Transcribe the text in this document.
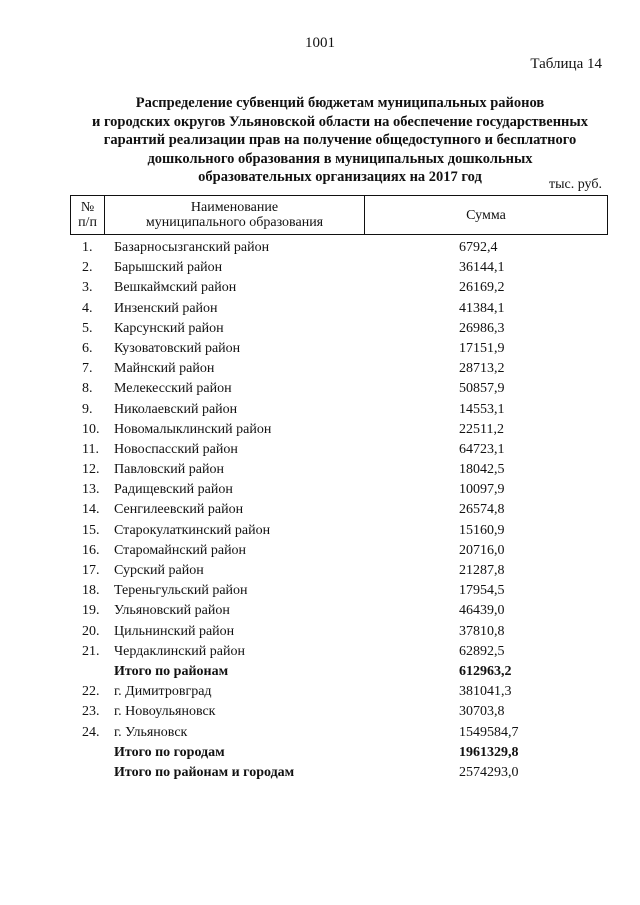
1001
Таблица 14
Распределение субвенций бюджетам муниципальных районов
и городских округов Ульяновской области на обеспечение государственных
гарантий реализации прав на получение общедоступного и бесплатного
дошкольного образования в муниципальных дошкольных
образовательных организациях на 2017 год	тыс. руб.
№
п/п
Наименование
муниципального образования	Сумма
1. Базарносызганский район	6792,4
2. Барышский район	36144,1
3. Вешкаймский район	26169,2
4. Инзенский район	41384,1
5. Карсунский район	26986,3
6. Кузоватовский район	17151,9
7. Майнский район	28713,2
8. Мелекесский район	50857,9
9. Николаевский район	14553,1
10. Новомалыклинский район	22511,2
11. Новоспасский район	64723,1
12. Павловский район	18042,5
13. Радищевский район	10097,9
14. Сенгилеевский район	26574,8
15. Старокулаткинский район	15160,9
16. Старомайнский район	20716,0
17. Сурский район	21287,8
18. Тереньгульский район	17954,5
19. Ульяновский район	46439,0
20. Цильнинский район	37810,8
21. Чердаклинский район	62892,5
Итого по районам	612963,2
22. г. Димитровград	381041,3
23. г. Новоульяновск	30703,8
24. г. Ульяновск	1549584,7
Итого по городам	1961329,8
Итого по районам и городам	2574293,0
